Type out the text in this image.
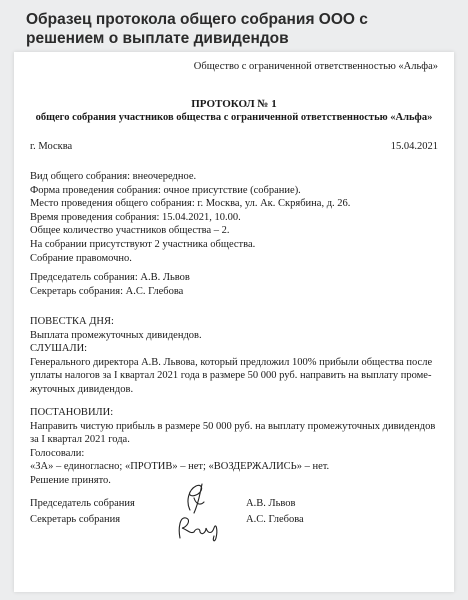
Образец протокола общего собрания ООО с решением о выплате дивидендов
Общество с ограниченной ответственностью «Альфа»
ПРОТОКОЛ № 1
общего собрания участников общества с ограниченной ответственностью «Альфа»
г. Москва	15.04.2021
Вид общего собрания: внеочередное.
Форма проведения собрания: очное присутствие (собрание).
Место проведения общего собрания: г. Москва, ул. Ак. Скрябина, д. 26.
Время проведения собрания: 15.04.2021, 10.00.
Общее количество участников общества – 2.
На собрании присутствуют 2 участника общества.
Собрание правомочно.
Председатель собрания: А.В. Львов
Секретарь собрания: А.С. Глебова
ПОВЕСТКА ДНЯ:
Выплата промежуточных дивидендов.
СЛУШАЛИ:
Генерального директора А.В. Львова, который предложил 100% прибыли общества после
уплаты налогов за I квартал 2021 года в размере 50 000 руб. направить на выплату проме-
жуточных дивидендов.
ПОСТАНОВИЛИ:
Направить чистую прибыль в размере 50 000 руб. на выплату промежуточных дивидендов
за I квартал 2021 года.
Голосовали:
«ЗА» – единогласно; «ПРОТИВ» – нет; «ВОЗДЕРЖАЛИСЬ» – нет.
Решение принято.
Председатель собрания	А.В. Львов
Секретарь собрания	А.С. Глебова
